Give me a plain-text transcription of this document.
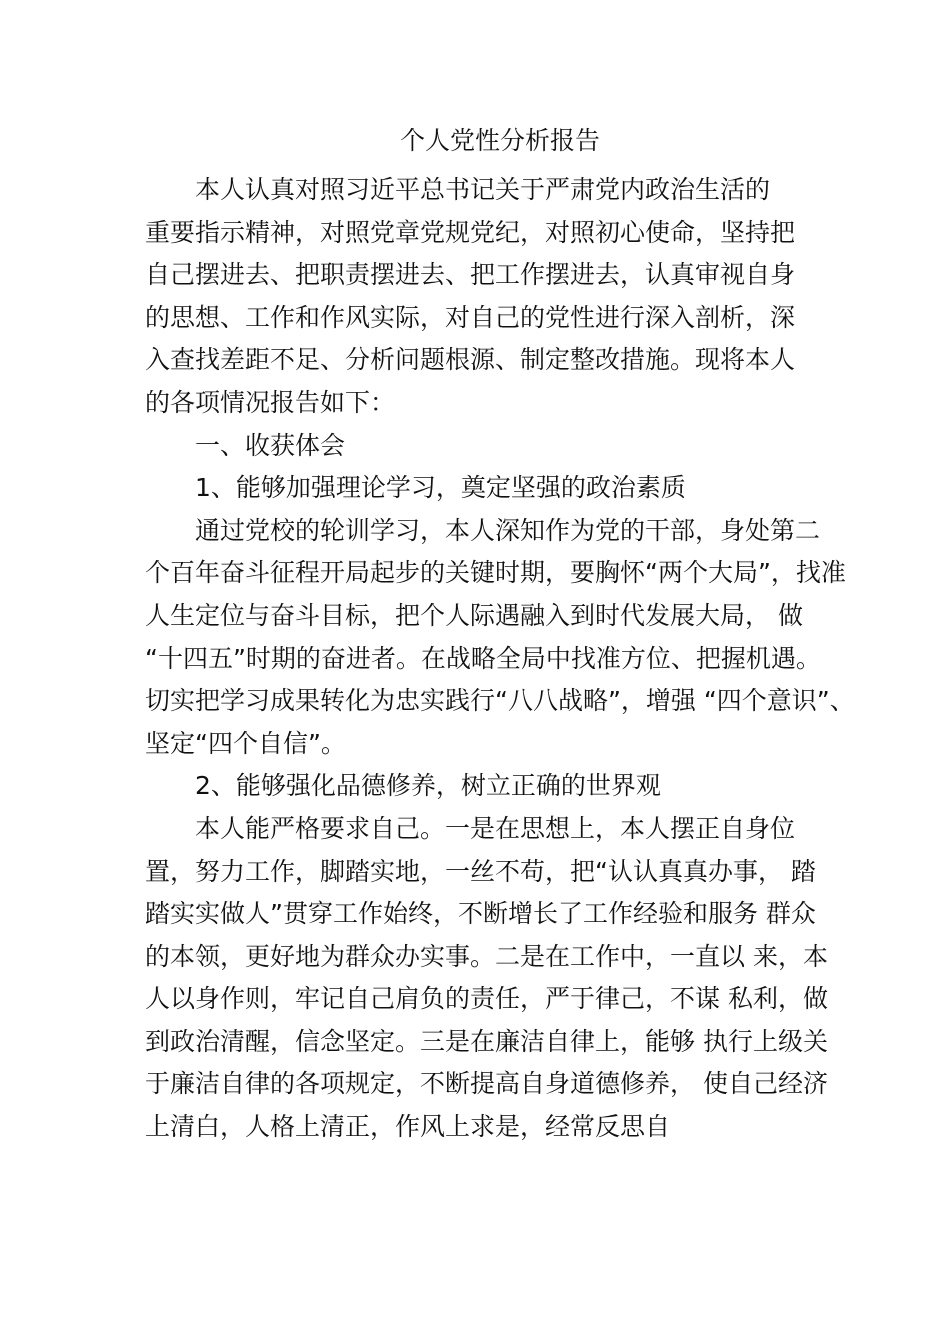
个人党性分析报告
本人认真对照习近平总书记关于严肃党内政治生活的
重要指示精神，对照党章党规党纪，对照初心使命，坚持把
自己摆进去、把职责摆进去、把工作摆进去，认真审视自身
的思想、工作和作风实际，对自己的党性进行深入剖析，深
入查找差距不足、分析问题根源、制定整改措施。现将本人
的各项情况报告如下：
一、收获体会
1、能够加强理论学习，奠定坚强的政治素质
通过党校的轮训学习，本人深知作为党的干部，身处第二
个百年奋斗征程开局起步的关键时期，要胸怀“两个大局”，找准
人生定位与奋斗目标，把个人际遇融入到时代发展大局， 做
“十四五”时期的奋进者。在战略全局中找准方位、把握机遇。
切实把学习成果转化为忠实践行“八八战略”，增强 “四个意识”、
坚定“四个自信”。
2、能够强化品德修养，树立正确的世界观
本人能严格要求自己。一是在思想上，本人摆正自身位
置，努力工作，脚踏实地，一丝不苟，把“认认真真办事， 踏
踏实实做人”贯穿工作始终，不断增长了工作经验和服务 群众
的本领，更好地为群众办实事。二是在工作中，一直以 来，本
人以身作则，牢记自己肩负的责任，严于律己，不谋 私利，做
到政治清醒，信念坚定。三是在廉洁自律上，能够 执行上级关
于廉洁自律的各项规定，不断提高自身道德修养， 使自己经济
上清白，人格上清正，作风上求是，经常反思自
